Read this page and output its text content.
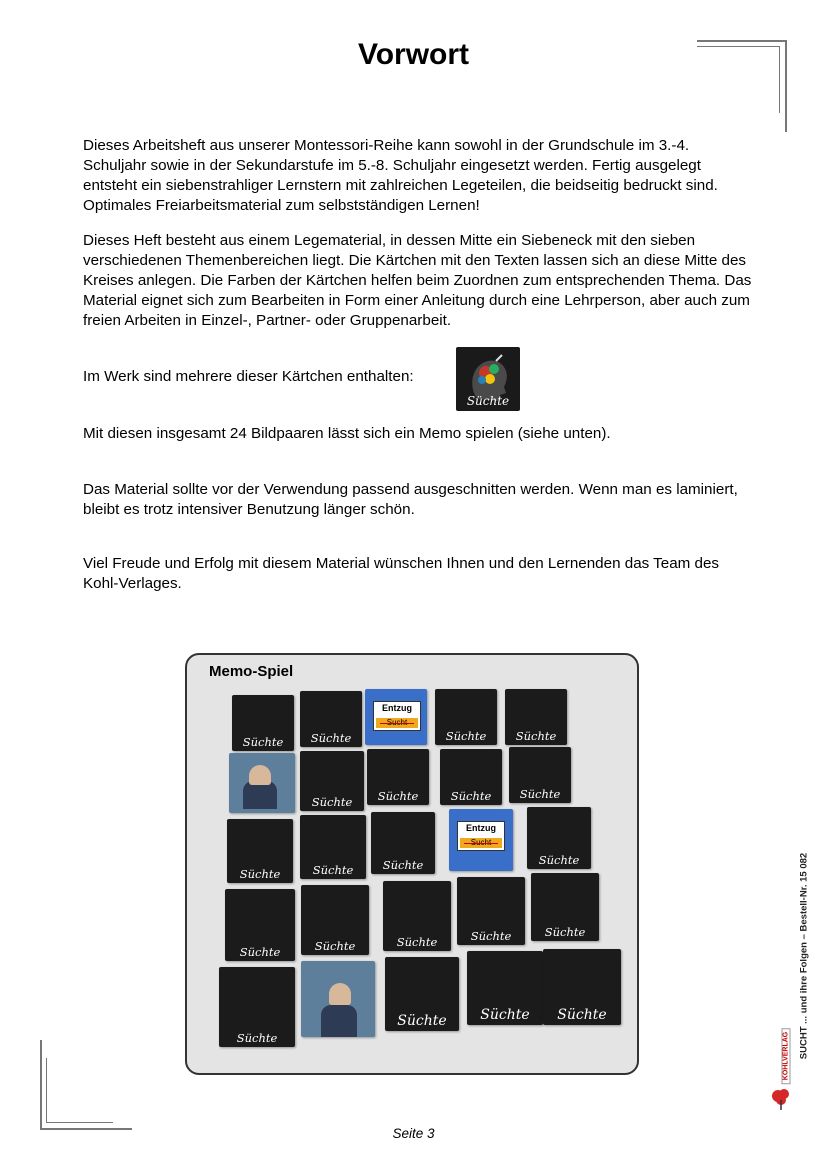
Vorwort

Dieses Arbeitsheft aus unserer Montessori-Reihe kann sowohl in der Grundschule im 3.-4. Schuljahr sowie in der Sekundarstufe im 5.-8. Schuljahr eingesetzt werden. Fertig ausgelegt entsteht ein siebenstrahliger Lernstern mit zahlreichen Legeteilen, die beidseitig bedruckt sind. Optimales Freiarbeitsmaterial zum selbstständigen Lernen!

Dieses Heft besteht aus einem Legematerial, in dessen Mitte ein Siebeneck mit den sieben verschiedenen Themenbereichen liegt. Die Kärtchen mit den Texten lassen sich an diese Mitte des Kreises anlegen. Die Farben der Kärtchen helfen beim Zuordnen zum entsprechenden Thema. Das Material eignet sich zum Bearbeiten in Form einer Anleitung durch eine Lehrperson, aber auch zum freien Arbeiten in Einzel-, Partner- oder Gruppenarbeit.

Im Werk sind mehrere dieser Kärtchen enthalten:

Süchte

Mit diesen insgesamt 24 Bildpaaren lässt sich ein Memo spielen (siehe unten).

Das Material sollte vor der Verwendung passend ausgeschnitten werden. Wenn man es laminiert, bleibt es trotz intensiver Benutzung länger schön.

Viel Freude und Erfolg mit diesem Material wünschen Ihnen und den Lernenden das Team des Kohl-Verlages.

Memo-Spiel
Süchte	Süchte
Entzug
Sucht
Süchte	Süchte
Süchte	Süchte	Süchte	Süchte
Süchte	Süchte	Süchte
Entzug
Sucht
Süchte
Süchte	Süchte	Süchte	Süchte	Süchte
Süchte
Süchte	Süchte	Süchte
Seite 3
SUCHT ... und ihre Folgen – Bestell-Nr. 15 082
KOHLVERLAG
